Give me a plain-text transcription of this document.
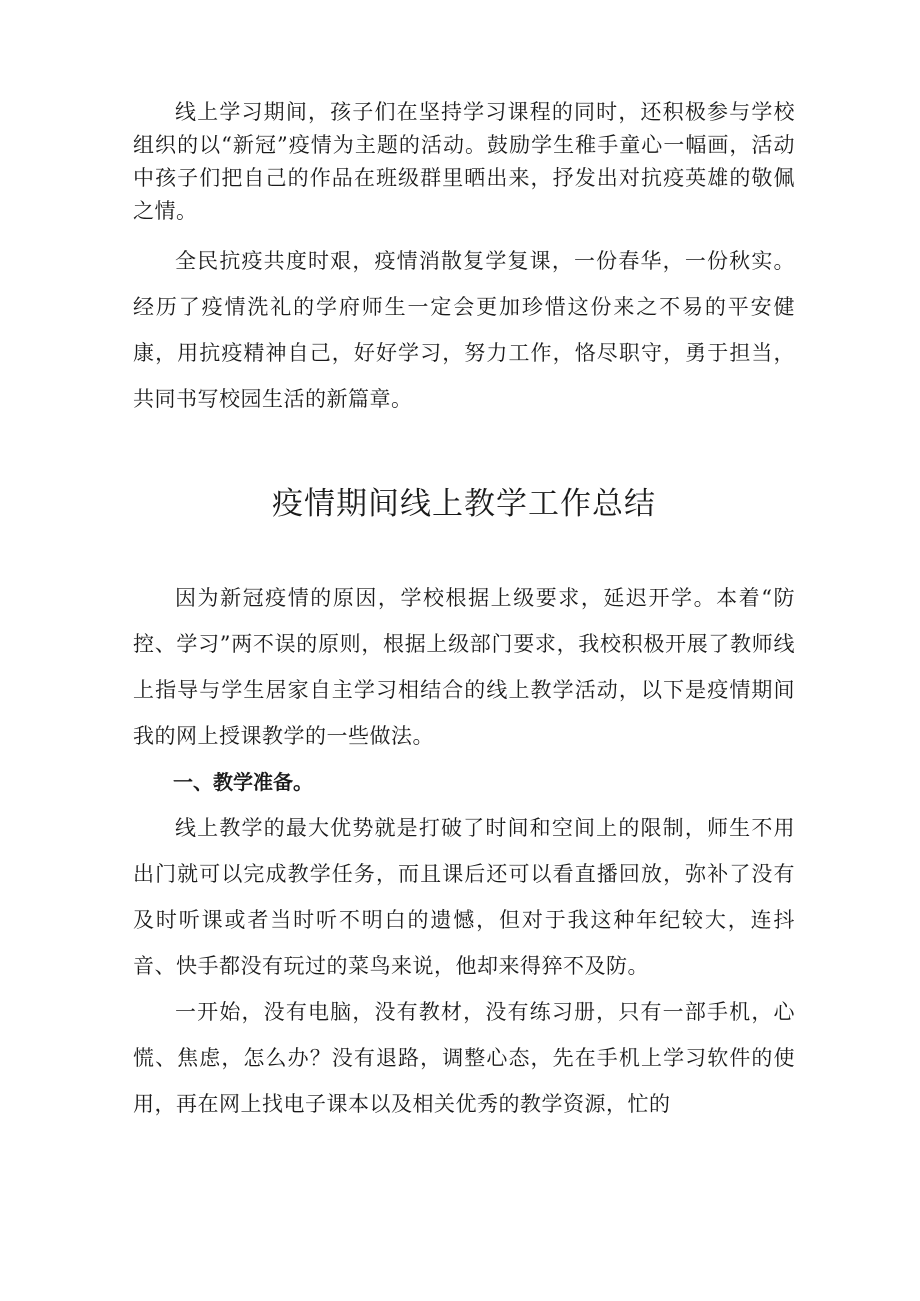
线上学习期间，孩子们在坚持学习课程的同时，还积极参与学校组织的以“新冠”疫情为主题的活动。鼓励学生稚手童心一幅画，活动中孩子们把自己的作品在班级群里晒出来，抒发出对抗疫英雄的敬佩之情。

全民抗疫共度时艰，疫情消散复学复课，一份春华，一份秋实。经历了疫情洗礼的学府师生一定会更加珍惜这份来之不易的平安健康，用抗疫精神自己，好好学习，努力工作，恪尽职守，勇于担当，共同书写校园生活的新篇章。

疫情期间线上教学工作总结

因为新冠疫情的原因，学校根据上级要求，延迟开学。本着“防控、学习”两不误的原则，根据上级部门要求，我校积极开展了教师线上指导与学生居家自主学习相结合的线上教学活动，以下是疫情期间我的网上授课教学的一些做法。

一、教学准备。

线上教学的最大优势就是打破了时间和空间上的限制，师生不用出门就可以完成教学任务，而且课后还可以看直播回放，弥补了没有及时听课或者当时听不明白的遗憾，但对于我这种年纪较大，连抖音、快手都没有玩过的菜鸟来说，他却来得猝不及防。

一开始，没有电脑，没有教材，没有练习册，只有一部手机，心慌、焦虑，怎么办？没有退路，调整心态，先在手机上学习软件的使用，再在网上找电子课本以及相关优秀的教学资源，忙的
